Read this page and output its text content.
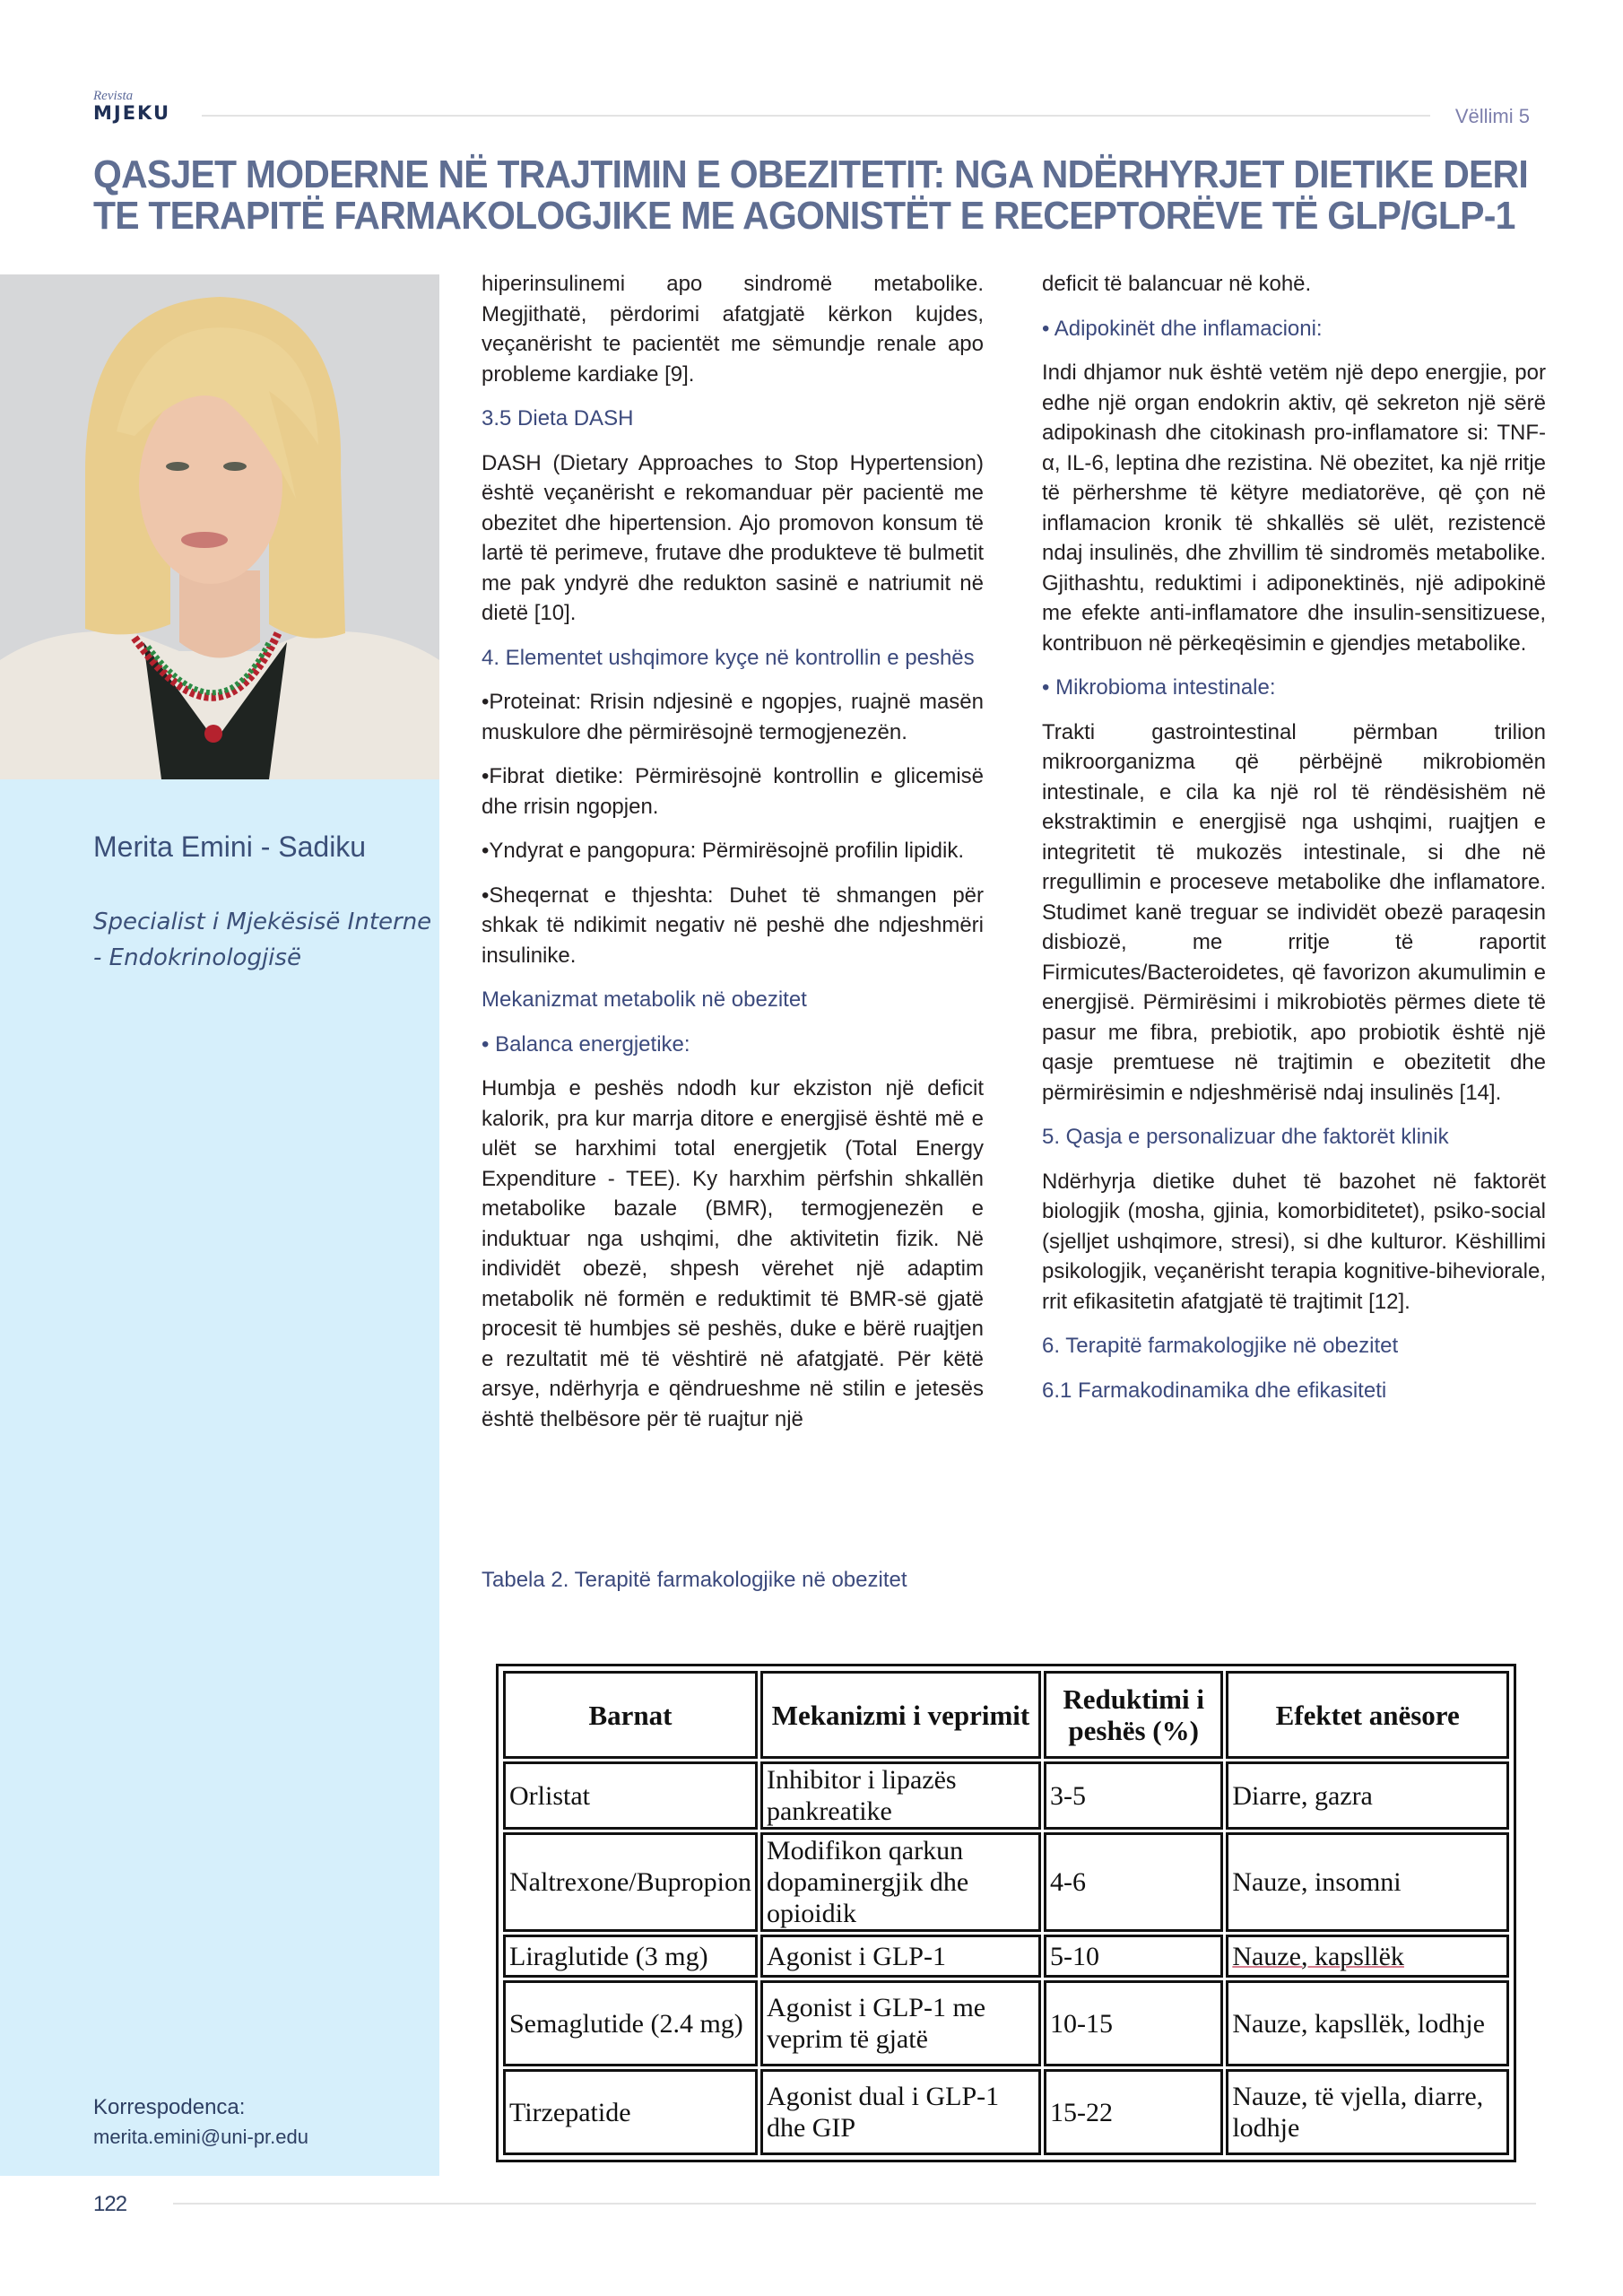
Revista
MJEKU	Vëllimi 5
QASJET MODERNE NË TRAJTIMIN E OBEZITETIT: NGA NDËRHYRJET DIETIKE DERI
TE TERAPITË FARMAKOLOGJIKE ME AGONISTËT E RECEPTORËVE TË GLP/GLP-1
Merita Emini - Sadiku
Specialist i Mjekësisë Interne - Endokrinologjisë
Korrespodenca:
merita.emini@uni-pr.edu

hiperinsulinemi apo sindromë metabolike. Megjithatë, përdorimi afatgjatë kërkon kujdes, veçanërisht te pacientët me sëmundje renale apo probleme kardiake [9].

3.5 Dieta DASH

DASH (Dietary Approaches to Stop Hypertension) është veçanërisht e rekomanduar për pacientë me obezitet dhe hipertension. Ajo promovon konsum të lartë të perimeve, frutave dhe produkteve të bulmetit me pak yndyrë dhe redukton sasinë e natriumit në dietë [10].

4. Elementet ushqimore kyçe në kontrollin e peshës

•Proteinat: Rrisin ndjesinë e ngopjes, ruajnë masën muskulore dhe përmirësojnë termogjenezën.

•Fibrat dietike: Përmirësojnë kontrollin e glicemisë dhe rrisin ngopjen.

•Yndyrat e pangopura: Përmirësojnë profilin lipidik.

•Sheqernat e thjeshta: Duhet të shmangen për shkak të ndikimit negativ në peshë dhe ndjeshmëri insulinike.

Mekanizmat metabolik në obezitet

• Balanca energjetike:

Humbja e peshës ndodh kur ekziston një deficit kalorik, pra kur marrja ditore e energjisë është më e ulët se harxhimi total energjetik (Total Energy Expenditure - TEE). Ky harxhim përfshin shkallën metabolike bazale (BMR), termogjenezën e induktuar nga ushqimi, dhe aktivitetin fizik. Në individët obezë, shpesh vërehet një adaptim metabolik në formën e reduktimit të BMR-së gjatë procesit të humbjes së peshës, duke e bërë ruajtjen e rezultatit më të vështirë në afatgjatë. Për këtë arsye, ndërhyrja e qëndrueshme në stilin e jetesës është thelbësore për të ruajtur një

deficit të balancuar në kohë.

• Adipokinët dhe inflamacioni:

Indi dhjamor nuk është vetëm një depo energjie, por edhe një organ endokrin aktiv, që sekreton një sërë adipokinash dhe citokinash pro-inflamatore si: TNF-α, IL-6, leptina dhe rezistina. Në obezitet, ka një rritje të përhershme të këtyre mediatorëve, që çon në inflamacion kronik të shkallës së ulët, rezistencë ndaj insulinës, dhe zhvillim të sindromës metabolike. Gjithashtu, reduktimi i adiponektinës, një adipokinë me efekte anti-inflamatore dhe insulin-sensitizuese, kontribuon në përkeqësimin e gjendjes metabolike.

• Mikrobioma intestinale:

Trakti gastrointestinal përmban trilion mikroorganizma që përbëjnë mikrobiomën intestinale, e cila ka një rol të rëndësishëm në ekstraktimin e energjisë nga ushqimi, ruajtjen e integritetit të mukozës intestinale, si dhe në rregullimin e proceseve metabolike dhe inflamatore. Studimet kanë treguar se individët obezë paraqesin disbiozë, me rritje të raportit Firmicutes/Bacteroidetes, që favorizon akumulimin e energjisë. Përmirësimi i mikrobiotës përmes diete të pasur me fibra, prebiotik, apo probiotik është një qasje premtuese në trajtimin e obezitetit dhe përmirësimin e ndjeshmërisë ndaj insulinës [14].

5. Qasja e personalizuar dhe faktorët klinik

Ndërhyrja dietike duhet të bazohet në faktorët biologjik (mosha, gjinia, komorbiditetet), psiko-social (sjelljet ushqimore, stresi), si dhe kulturor. Këshillimi psikologjik, veçanërisht terapia kognitive-biheviorale, rrit efikasitetin afatgjatë të trajtimit [12].

6. Terapitë farmakologjike në obezitet

6.1 Farmakodinamika dhe efikasiteti

Tabela 2. Terapitë farmakologjike në obezitet
Barnat	Mekanizmi i veprimit	Reduktimi i peshës (%)	Efektet anësore
Orlistat	Inhibitor i lipazës pankreatike	3-5	Diarre, gazra
Naltrexone/Bupropion	Modifikon qarkun dopaminergjik dhe opioidik	4-6	Nauze, insomni
Liraglutide (3 mg)	Agonist i GLP-1	5-10	Nauze, kapsllëk
Semaglutide (2.4 mg)	Agonist i GLP-1 me veprim të gjatë	10-15	Nauze, kapsllëk, lodhje
Tirzepatide	Agonist dual i GLP-1 dhe GIP	15-22	Nauze, të vjella, diarre, lodhje
122
